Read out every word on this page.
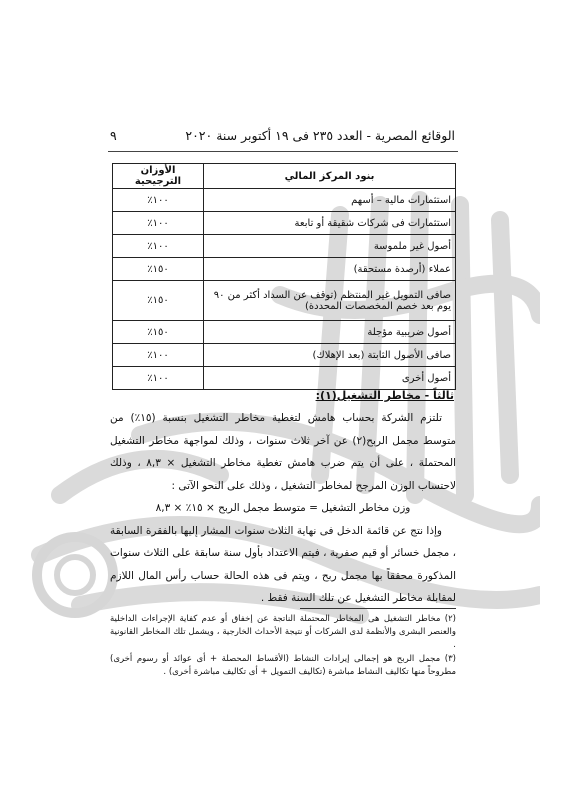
الوقائع المصرية - العدد ٢٣٥ فى ١٩ أكتوبر سنة ٢٠٢٠
٩
بنود المركز المالي	الأوزان الترجيحية
استثمارات مالية – أسهم	١٠٠٪
استثمارات فى شركات شقيقة أو تابعة	١٠٠٪
أصول غير ملموسة	١٠٠٪
عملاء (أرصدة مستحقة)	١٥٠٪
صافى التمويل غير المنتظم (توقف عن السداد أكثر من ٩٠ يوم بعد خصم المخصصات المحددة)	١٥٠٪
أصول ضريبية مؤجلة	١٥٠٪
صافى الأصول الثابتة (بعد الإهلاك)	١٠٠٪
أصول أخرى	١٠٠٪
ثالثاً - مخاطر التشغيل(١):

تلتزم الشركة بحساب هامش لتغطية مخاطر التشغيل بنسبة (١٥٪) من متوسط مجمل الربح(٢) عن آخر ثلاث سنوات ، وذلك لمواجهة مخاطر التشغيل المحتملة ، على أن يتم ضرب هامش تغطية مخاطر التشغيل × ٨,٣ ، وذلك لاحتساب الوزن المرجح لمخاطر التشغيل ، وذلك على النحو الآتى :

وزن مخاطر التشغيل = متوسط مجمل الربح × ١٥٪ × ٨,٣

وإذا نتج عن قائمة الدخل فى نهاية الثلاث سنوات المشار إليها بالفقرة السابقة ، مجمل خسائر أو قيم صفرية ، فيتم الاعتداد بأول سنة سابقة على الثلاث سنوات المذكورة محققاً بها مجمل ربح ، ويتم فى هذه الحالة حساب رأس المال اللازم لمقابلة مخاطر التشغيل عن تلك السنة فقط .

(٢) مخاطر التشغيل هى المخاطر المحتملة الناتجة عن إخفاق أو عدم كفاية الإجراءات الداخلية والعنصر البشرى والأنظمة لدى الشركات أو نتيجة الأحداث الخارجية ، ويشمل تلك المخاطر القانونية .

(٣) مجمل الربح هو إجمالى إيرادات النشاط (الأقساط المحصلة + أى عوائد أو رسوم أخرى) مطروحاً منها تكاليف النشاط مباشرة (تكاليف التمويل + أى تكاليف مباشرة أخرى) .
